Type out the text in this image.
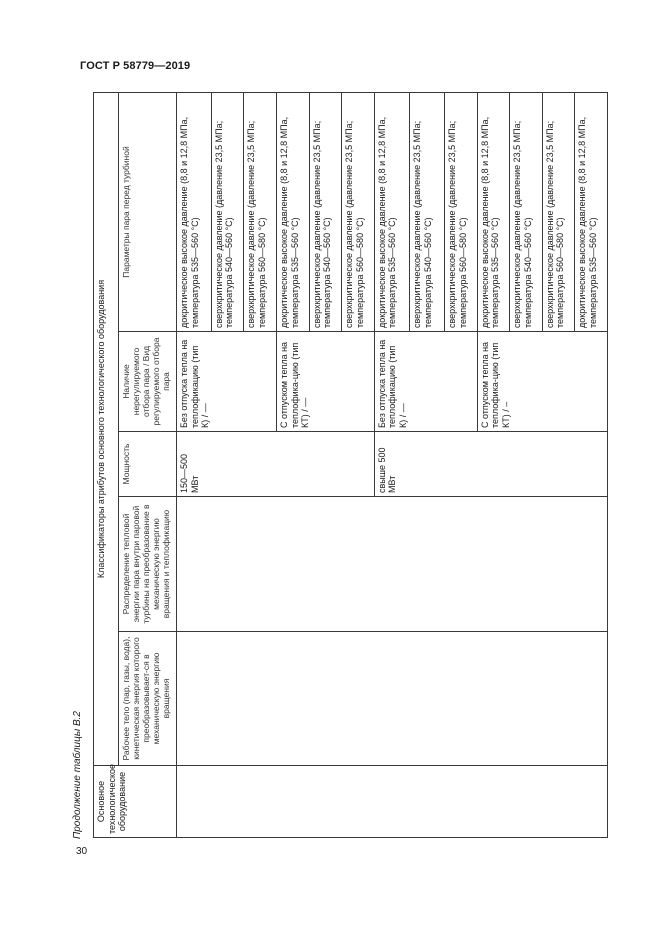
ГОСТ Р 58779—2019
30
Продолжение таблицы В.2 Основное технологическое оборудование	Классификаторы атрибутов основного технологического оборудования				
	Рабочее тело (пар, газы, вода), кинетическая энергия которого преобразовывает-ся в механическую энергию вращения	Распределение тепловой энергии пара внутри паровой турбины на преобразование в механическую энергию вращения и теплофикацию	Мощность	Наличие нерегулируемого отбора пара / Вид регулируемого отбора пара	Параметры пара перед турбиной
			150—500 МВт	Без отпуска тепла на теплофикацию (тип К) / —	докритическое высокое давление (8,8 и 12,8 МПа, температура 535—560 °С)
					сверхкритическое давление (давление 23,5 МПа; температура 540—560 °С)
					сверхкритическое давление (давление 23,5 МПа; температура 560—580 °С)
				С отпуском тепла на теплофика-цию (тип КТ) / —	докритическое высокое давление (8,8 и 12,8 МПа, температура 535—560 °С)
					сверхкритическое давление (давление 23,5 МПа; температура 540—560 °С)
					сверхкритическое давление (давление 23,5 МПа; температура 560—580 °С)
			свыше 500 МВт	Без отпуска тепла на теплофикацию (тип К) / —	докритическое высокое давление (8,8 и 12,8 МПа, температура 535—560 °С)
					сверхкритическое давление (давление 23,5 МПа; температура 540—560 °С)
					сверхкритическое давление (давление 23,5 МПа; температура 560—580 °С)
				С отпуском тепла на теплофика-цию (тип КТ) / –	докритическое высокое давление (8,8 и 12,8 МПа, температура 535—560 °С)
					сверхкритическое давление (давление 23,5 МПа; температура 540—560 °С)
					сверхкритическое давление (давление 23,5 МПа; температура 560—580 °С)
					докритическое высокое давление (8,8 и 12,8 МПа, температура 535—560 °С)
